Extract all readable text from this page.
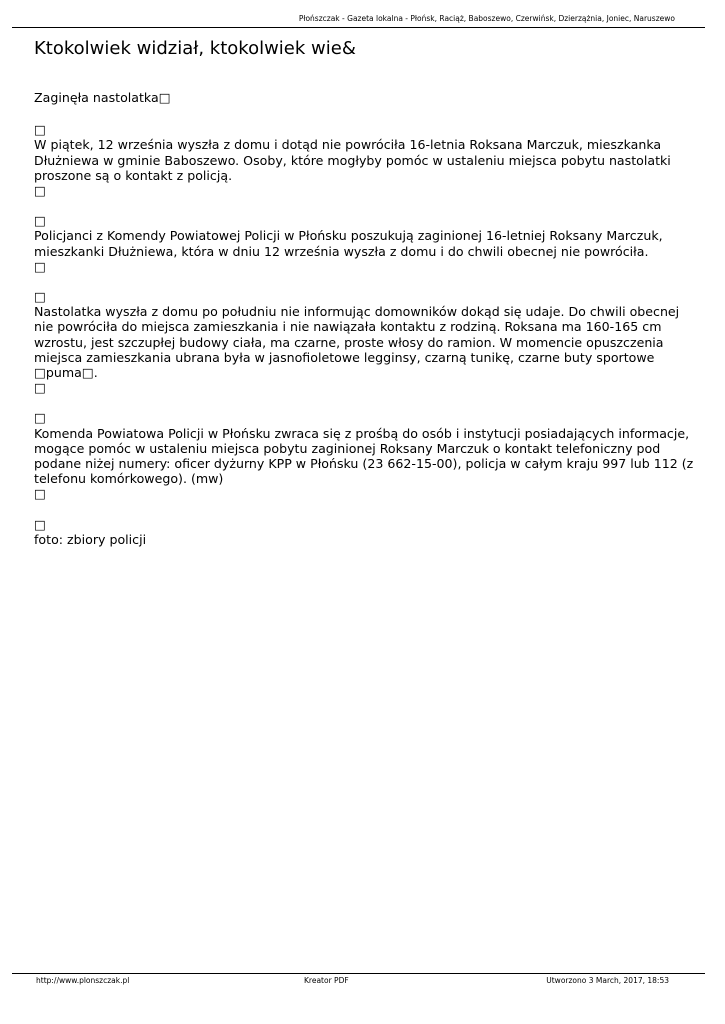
Płońszczak - Gazeta lokalna - Płońsk, Raciąż, Baboszewo, Czerwińsk, Dzierzążnia, Joniec, Naruszewo
Ktokolwiek widział, ktokolwiek wie&

Zaginęła nastolatka□

□

W piątek, 12 września wyszła z domu i dotąd nie powróciła 16-letnia Roksana Marczuk, mieszkanka Dłużniewa w gminie Baboszewo. Osoby, które mogłyby pomóc w ustaleniu miejsca pobytu nastolatki proszone są o kontakt z policją.

□

□

Policjanci z Komendy Powiatowej Policji w Płońsku poszukują zaginionej 16-letniej Roksany Marczuk, mieszkanki Dłużniewa, która w dniu 12 września wyszła z domu i do chwili obecnej nie powróciła.

□

□

Nastolatka wyszła z domu po południu nie informując domowników dokąd się udaje. Do chwili obecnej nie powróciła do miejsca zamieszkania i nie nawiązała kontaktu z rodziną. Roksana ma 160-165 cm wzrostu, jest szczupłej budowy ciała, ma czarne, proste włosy do ramion. W momencie opuszczenia miejsca zamieszkania ubrana była w jasnofioletowe legginsy, czarną tunikę, czarne buty sportowe □puma□.

□

□

Komenda Powiatowa Policji w Płońsku zwraca się z prośbą do osób i instytucji posiadających informacje, mogące pomóc w ustaleniu miejsca pobytu zaginionej Roksany Marczuk o kontakt telefoniczny pod podane niżej numery: oficer dyżurny KPP w Płońsku (23 662-15-00), policja w całym kraju 997 lub 112 (z telefonu komórkowego). (mw)

□

□

foto: zbiory policji

http://www.plonszczak.pl	Kreator PDF	Utworzono 3 March, 2017, 18:53
